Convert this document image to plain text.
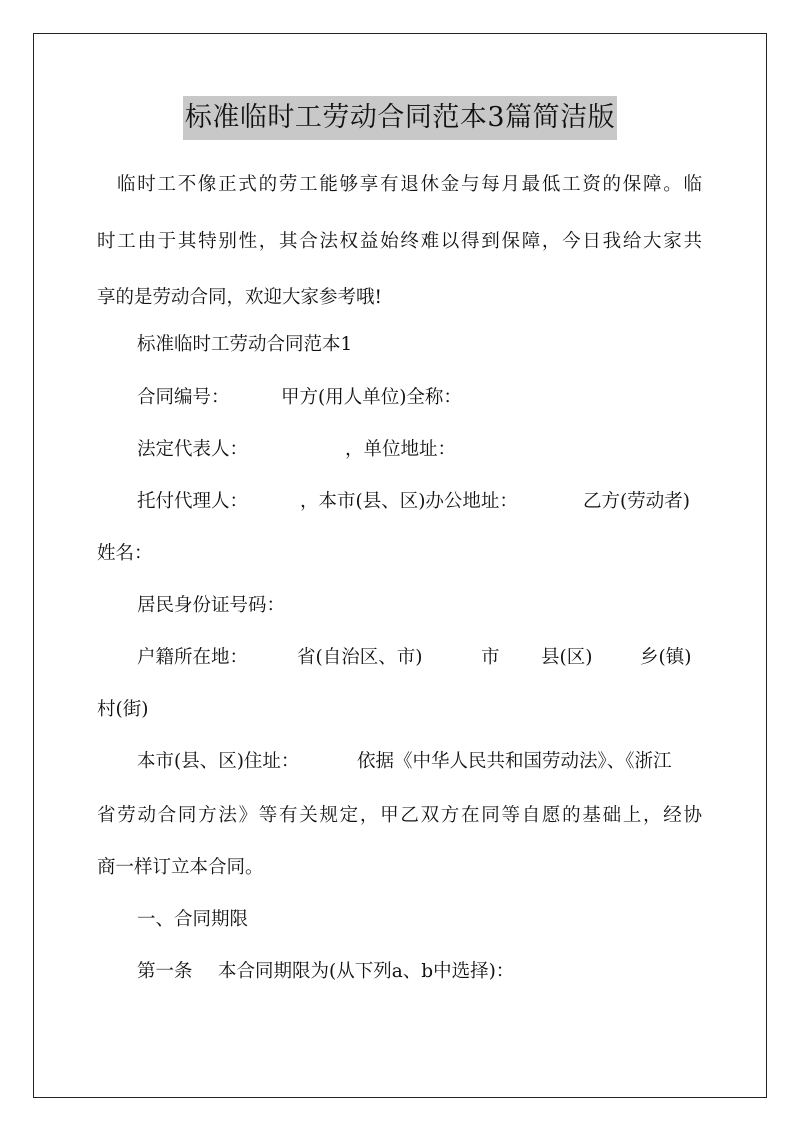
标准临时工劳动合同范本3篇简洁版
临时工不像正式的劳工能够享有退休金与每月最低工资的保障。临
时工由于其特别性，其合法权益始终难以得到保障，今日我给大家共
享的是劳动合同，欢迎大家参考哦!
标准临时工劳动合同范本1
合同编号：	甲方(用人单位)全称：
法定代表人：	，单位地址：
托付代理人：	，本市(县、区)办公地址：	乙方(劳动者)
姓名：
居民身份证号码：
户籍所在地：	省(自治区、市)	市 县(区)	乡(镇)
村(街)
本市(县、区)住址：	依据《中华人民共和国劳动法》、《浙江
省劳动合同方法》等有关规定，甲乙双方在同等自愿的基础上，经协
商一样订立本合同。
一、合同期限
第一条 本合同期限为(从下列a、b中选择)：
